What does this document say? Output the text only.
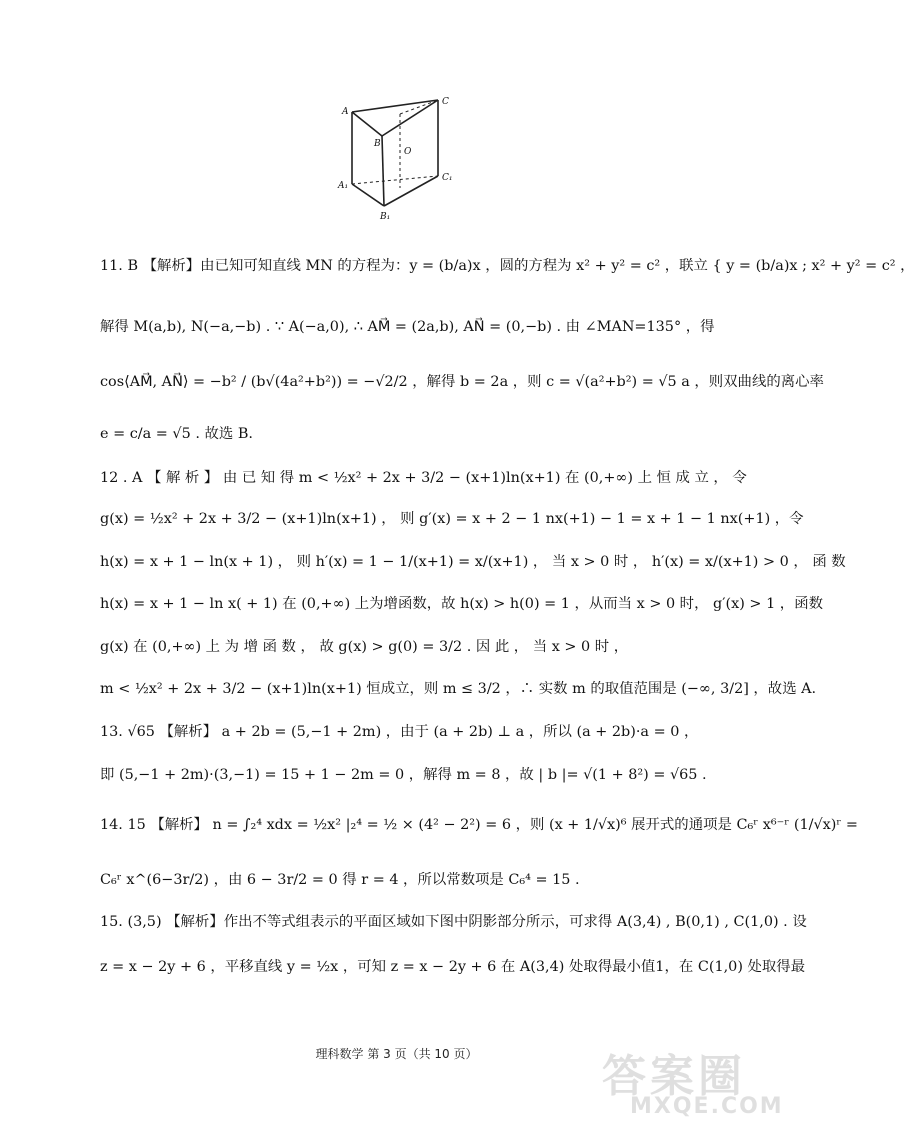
A
B
C
O
A₁
B₁
C₁
11. B 【解析】由已知可知直线 MN 的方程为：y = (b/a)x ，圆的方程为 x² + y² = c² ，联立 { y = (b/a)x ; x² + y² = c² ，
解得 M(a,b), N(−a,−b) . ∵ A(−a,0), ∴ AM⃗ = (2a,b), AN⃗ = (0,−b) . 由 ∠MAN=135° ，得
cos⟨AM⃗, AN⃗⟩ = −b² / (b√(4a²+b²)) = −√2/2 ，解得 b = 2a ，则 c = √(a²+b²) = √5 a ，则双曲线的离心率
e = c/a = √5 . 故选 B.
12 . A 【 解 析 】 由 已 知 得 m < ½x² + 2x + 3/2 − (x+1)ln(x+1) 在 (0,+∞) 上 恒 成 立 ， 令
g(x) = ½x² + 2x + 3/2 − (x+1)ln(x+1) ， 则 g′(x) = x + 2 − 1 nx(+1) − 1 = x + 1 − 1 nx(+1) ，令
h(x) = x + 1 − ln(x + 1) ， 则 h′(x) = 1 − 1/(x+1) = x/(x+1) ， 当 x > 0 时 ， h′(x) = x/(x+1) > 0 ， 函 数
h(x) = x + 1 − ln x( + 1) 在 (0,+∞) 上为增函数，故 h(x) > h(0) = 1 ，从而当 x > 0 时， g′(x) > 1 ，函数
g(x) 在 (0,+∞) 上 为 增 函 数 ， 故 g(x) > g(0) = 3/2 . 因 此 ， 当 x > 0 时 ，
m < ½x² + 2x + 3/2 − (x+1)ln(x+1) 恒成立，则 m ≤ 3/2 ，∴ 实数 m 的取值范围是 (−∞, 3/2] ，故选 A.
13. √65 【解析】 a + 2b = (5,−1 + 2m) ，由于 (a + 2b) ⊥ a ，所以 (a + 2b)·a = 0 ，
即 (5,−1 + 2m)·(3,−1) = 15 + 1 − 2m = 0 ，解得 m = 8 ，故 | b |= √(1 + 8²) = √65 .
14. 15 【解析】 n = ∫₂⁴ xdx = ½x² |₂⁴ = ½ × (4² − 2²) = 6 ，则 (x + 1/√x)⁶ 展开式的通项是 C₆ʳ x⁶⁻ʳ (1/√x)ʳ =
C₆ʳ x^(6−3r/2) ，由 6 − 3r/2 = 0 得 r = 4 ，所以常数项是 C₆⁴ = 15 .
15. (3,5) 【解析】作出不等式组表示的平面区域如下图中阴影部分所示，可求得 A(3,4) , B(0,1) , C(1,0) . 设
z = x − 2y + 6 ，平移直线 y = ½x ，可知 z = x − 2y + 6 在 A(3,4) 处取得最小值1，在 C(1,0) 处取得最
理科数学 第 3 页（共 10 页）	答案圈
MXQE.COM
